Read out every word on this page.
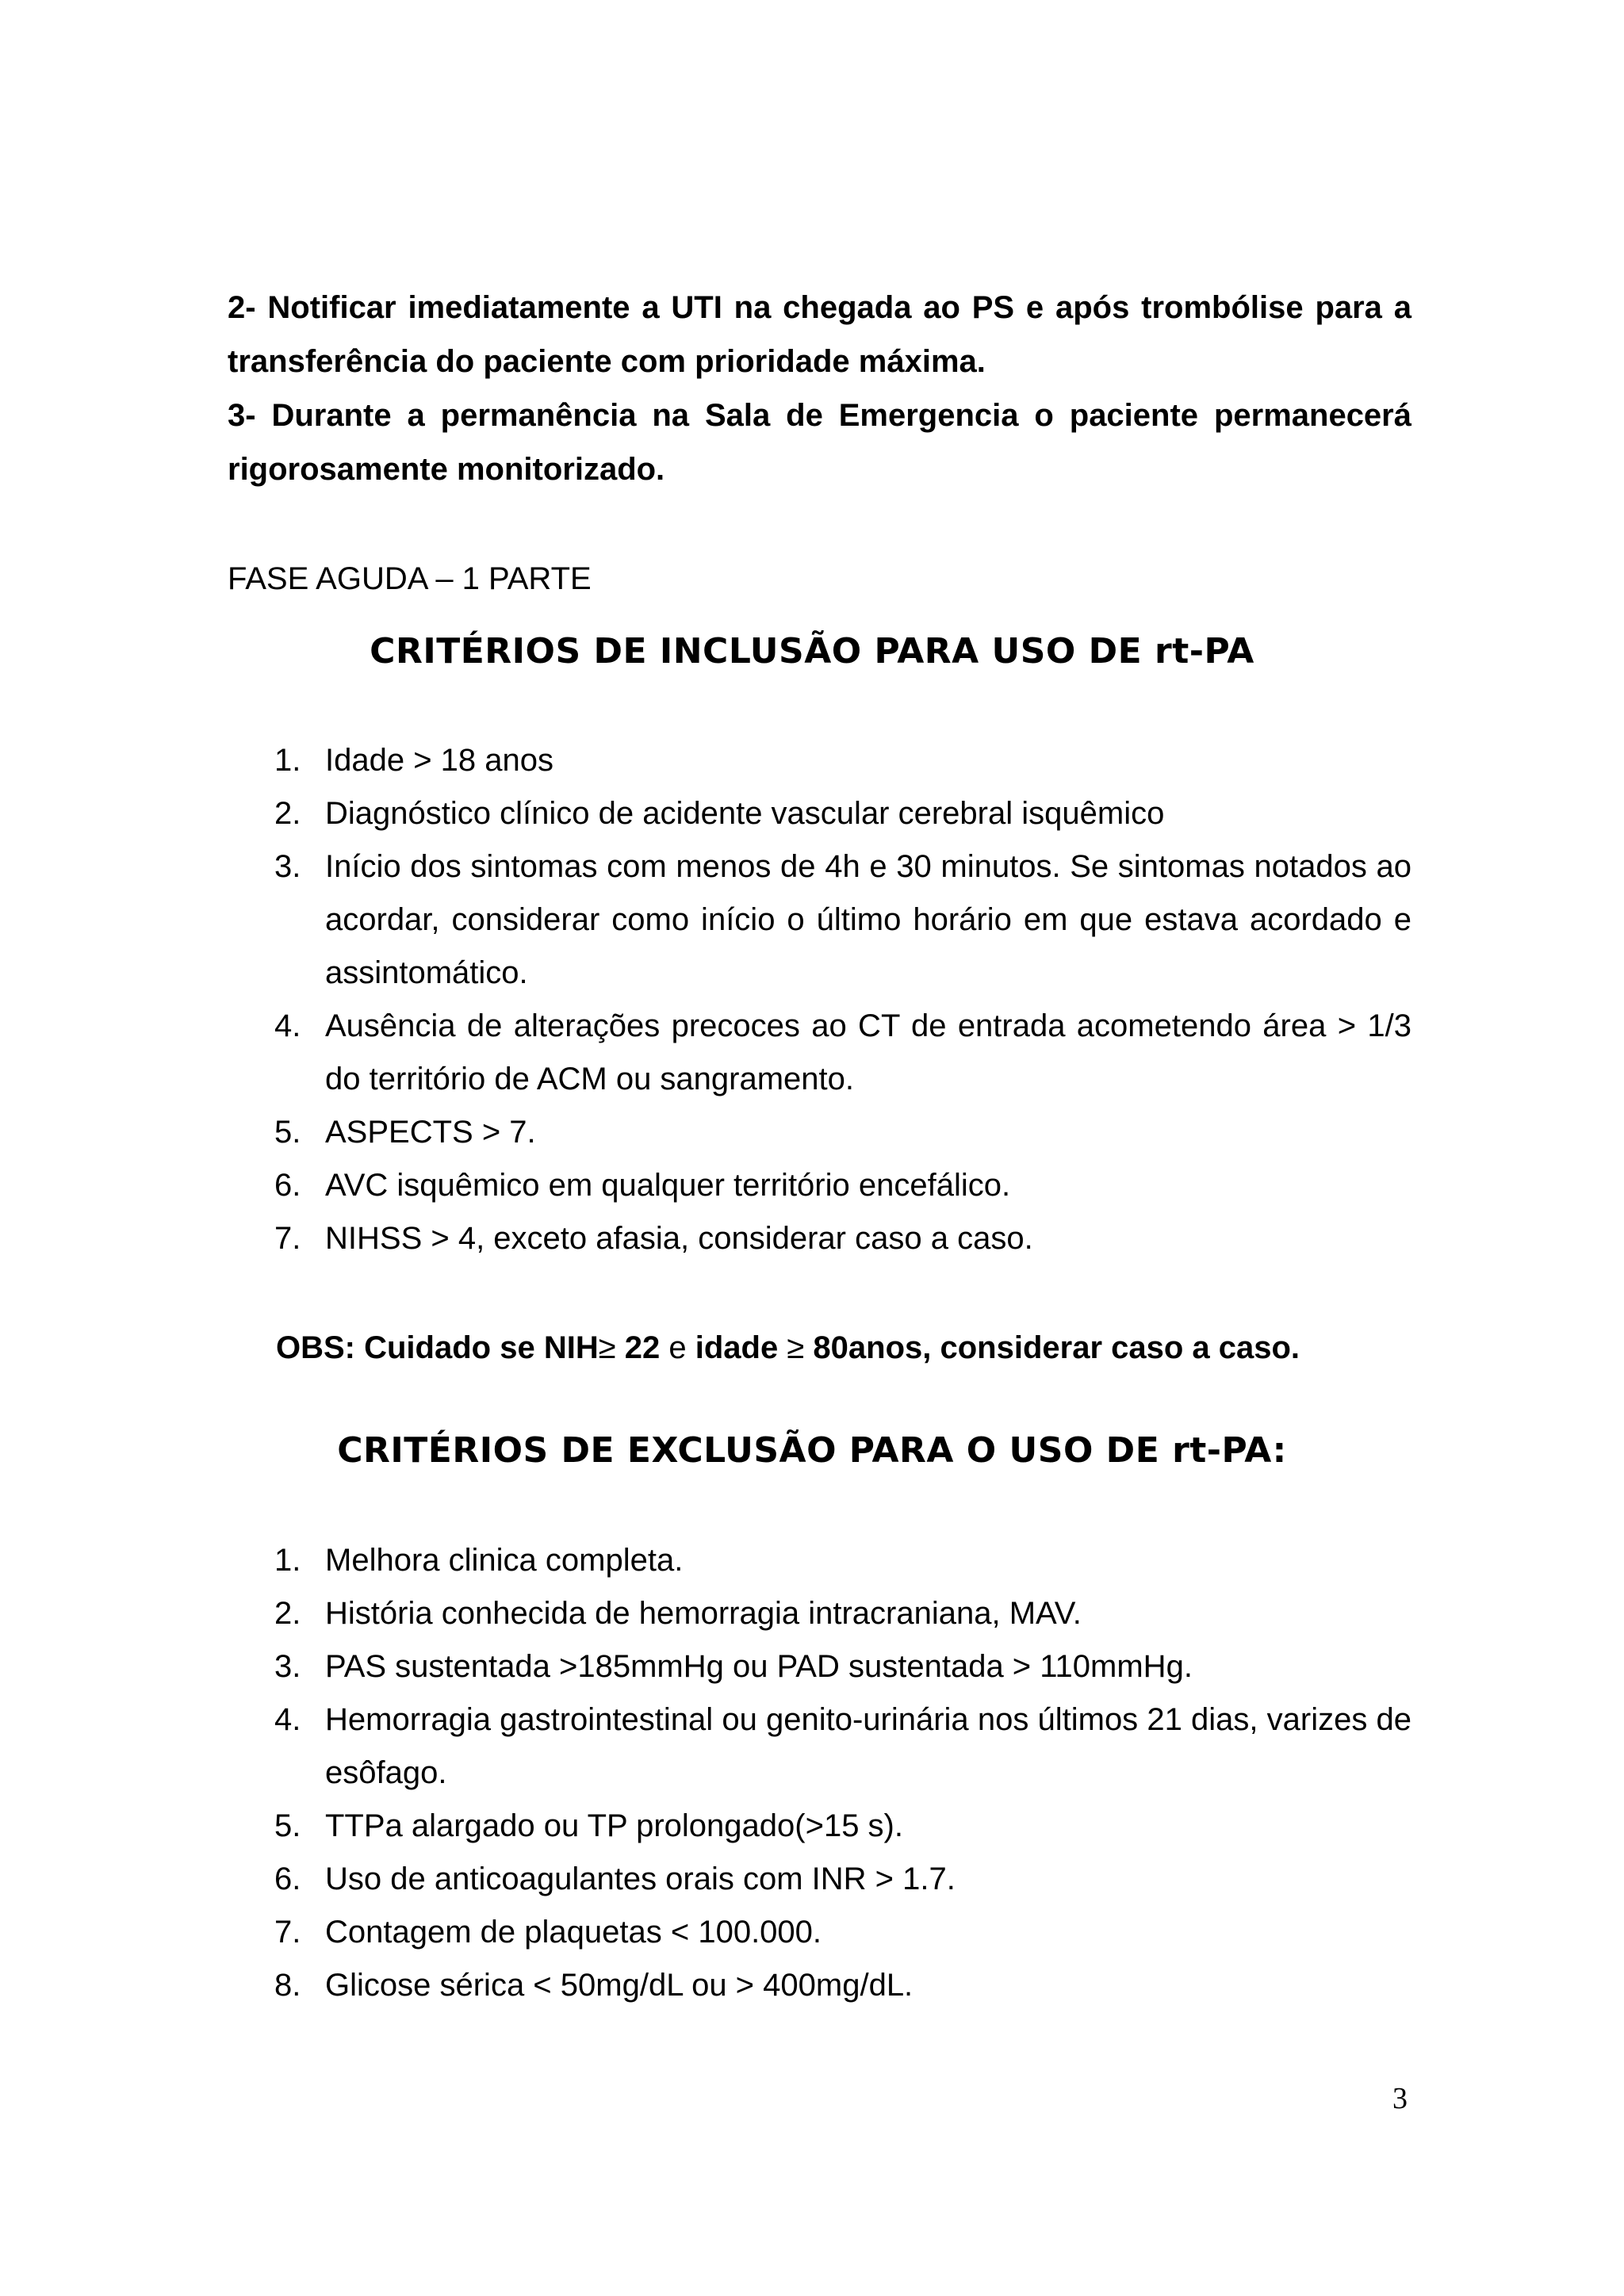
2- Notificar imediatamente a UTI na chegada ao PS e após trombólise para a transferência do paciente com prioridade máxima.

3- Durante a permanência na Sala de Emergencia o paciente permanecerá rigorosamente monitorizado.

FASE AGUDA – 1 PARTE

CRITÉRIOS DE INCLUSÃO PARA USO DE rt-PA
1. Idade > 18 anos
2. Diagnóstico clínico de acidente vascular cerebral isquêmico
3. Início dos sintomas com menos de 4h e 30 minutos. Se sintomas notados ao acordar, considerar como início o último horário em que estava acordado e assintomático.
4. Ausência de alterações precoces ao CT de entrada acometendo área > 1/3 do território de ACM ou sangramento.
5. ASPECTS > 7.
6. AVC isquêmico em qualquer território encefálico.
7. NIHSS > 4, exceto afasia, considerar caso a caso.

OBS: Cuidado se NIH≥ 22 e idade ≥ 80anos, considerar caso a caso.

CRITÉRIOS DE EXCLUSÃO PARA O USO DE rt-PA:
1. Melhora clinica completa.
2. História conhecida de hemorragia intracraniana, MAV.
3. PAS sustentada >185mmHg ou PAD sustentada > 110mmHg.
4. Hemorragia gastrointestinal ou genito-urinária nos últimos 21 dias, varizes de esôfago.
5. TTPa alargado ou TP prolongado(>15 s).
6. Uso de anticoagulantes orais com INR > 1.7.
7. Contagem de plaquetas < 100.000.
8. Glicose sérica < 50mg/dL ou > 400mg/dL.

3
